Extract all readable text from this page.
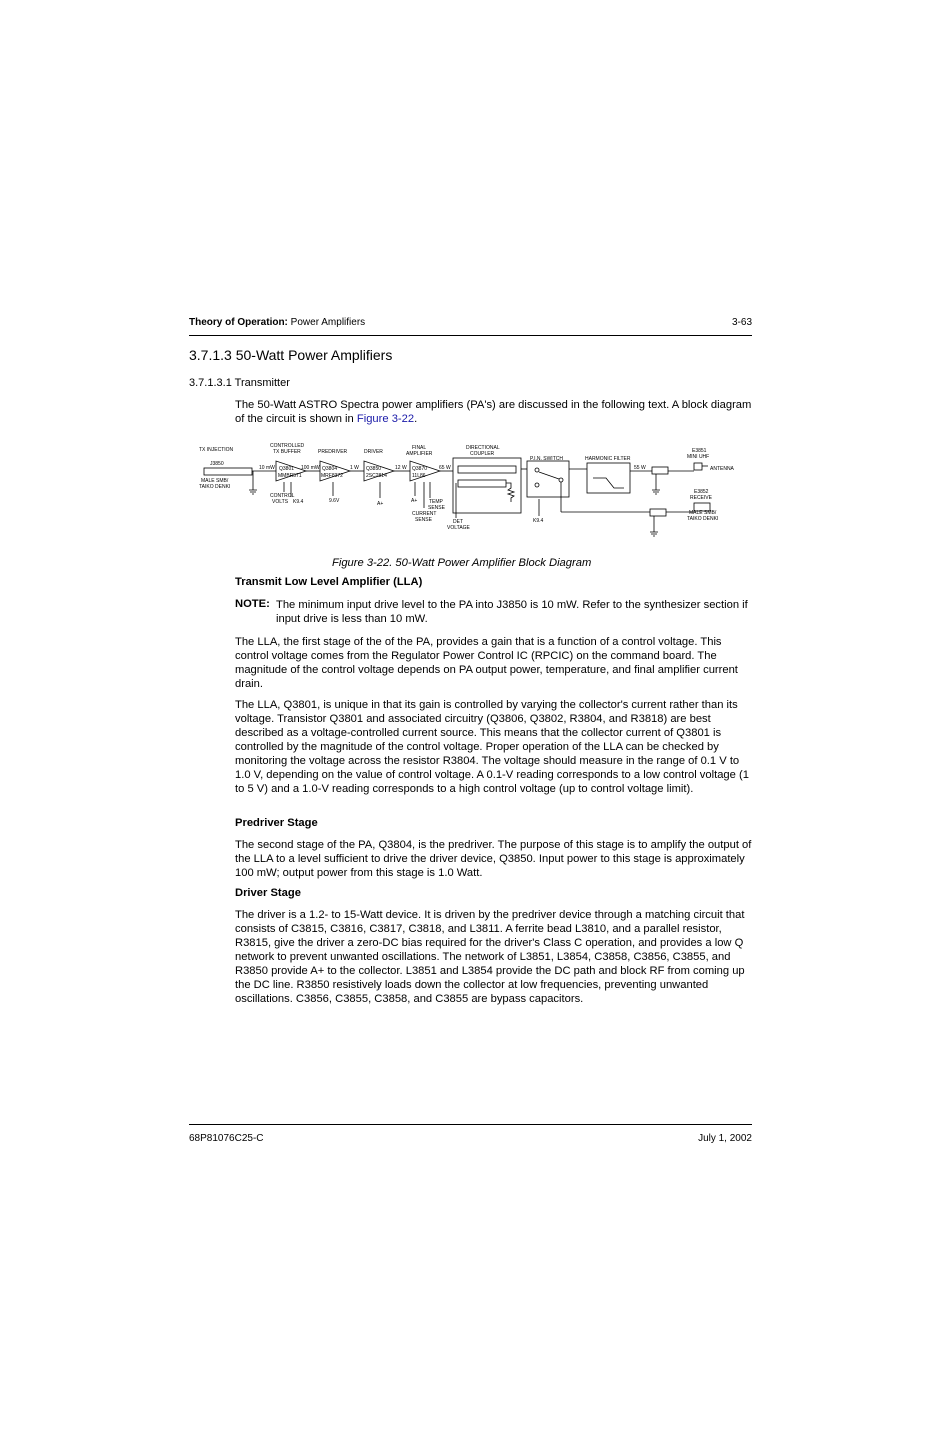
Theory of Operation: Power Amplifiers	3-63
3.7.1.3 50-Watt Power Amplifiers
3.7.1.3.1 Transmitter

The 50-Watt ASTRO Spectra power amplifiers (PA's) are discussed in the following text. A block diagram of the circuit is shown in Figure 3-22.

TX INJECTION
J3850
MALE SMB/
TAIKO DENKI
CONTROLLED
TX BUFFER	PREDRIVER	DRIVER
FINAL
AMPLIFIER
DIRECTIONAL
COUPLER
P.I.N. SWITCH	HARMONIC FILTER
E3851
MINI UHF
ANTENNA
E3852
RECEIVE
MALE SMB/
TAIKO DENKI
10 mW Q3801
MMBR571
100 mW Q3804
MRF8372
1 W Q3850
2SC2814
12 W Q3870
11L86
65 W	55 W
CONTROL
VOLTS K9.4	9.6V	A+	A+ TEMP
SENSE
CURRENT
SENSE	DET
VOLTAGE
K9.4
Figure 3-22. 50-Watt Power Amplifier Block Diagram
Transmit Low Level Amplifier (LLA)
NOTE: The minimum input drive level to the PA into J3850 is 10 mW. Refer to the synthesizer section if input drive is less than 10 mW.

The LLA, the first stage of the of the PA, provides a gain that is a function of a control voltage. This control voltage comes from the Regulator Power Control IC (RPCIC) on the command board. The magnitude of the control voltage depends on PA output power, temperature, and final amplifier current drain.

The LLA, Q3801, is unique in that its gain is controlled by varying the collector's current rather than its voltage. Transistor Q3801 and associated circuitry (Q3806, Q3802, R3804, and R3818) are best described as a voltage-controlled current source. This means that the collector current of Q3801 is controlled by the magnitude of the control voltage. Proper operation of the LLA can be checked by monitoring the voltage across the resistor R3804. The voltage should measure in the range of 0.1 V to 1.0 V, depending on the value of control voltage. A 0.1-V reading corresponds to a low control voltage (1 to 5 V) and a 1.0-V reading corresponds to a high control voltage (up to control voltage limit).

Predriver Stage

The second stage of the PA, Q3804, is the predriver. The purpose of this stage is to amplify the output of the LLA to a level sufficient to drive the driver device, Q3850. Input power to this stage is approximately 100 mW; output power from this stage is 1.0 Watt.

Driver Stage

The driver is a 1.2- to 15-Watt device. It is driven by the predriver device through a matching circuit that consists of C3815, C3816, C3817, C3818, and L3811. A ferrite bead L3810, and a parallel resistor, R3815, give the driver a zero-DC bias required for the driver's Class C operation, and provides a low Q network to prevent unwanted oscillations. The network of L3851, L3854, C3858, C3856, C3855, and R3850 provide A+ to the collector. L3851 and L3854 provide the DC path and block RF from coming up the DC line. R3850 resistively loads down the collector at low frequencies, preventing unwanted oscillations. C3856, C3855, C3858, and C3855 are bypass capacitors.

68P81076C25-C	July 1, 2002
